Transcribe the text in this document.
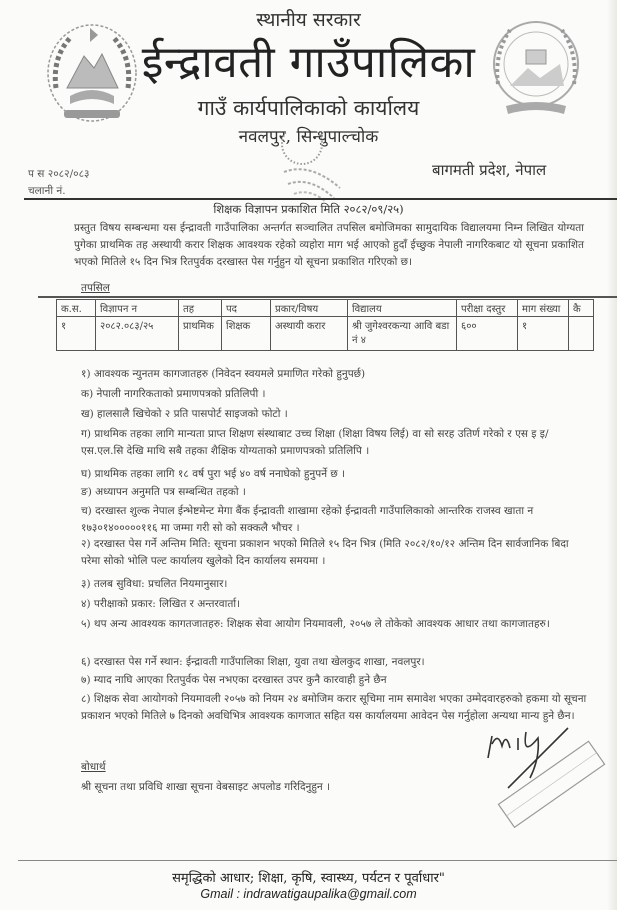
स्थानीय सरकार
ईन्द्रावती गाउँपालिका
गाउँ कार्यपालिकाको कार्यालय
नवलपुर, सिन्धुपाल्चोक
बागमती प्रदेश, नेपाल
प स २०८२/०८३
चलानी नं.
शिक्षक विज्ञापन प्रकाशित मिति २०८२/०९/२५)
प्रस्तुत विषय सम्बन्धमा यस ईन्द्रावती गाउँपालिका अन्तर्गत सञ्चालित तपसिल बमोजिमका सामुदायिक विद्यालयमा निम्न लिखित योग्यता पुगेका प्राथमिक तह अस्थायी करार शिक्षक आवश्यक रहेको व्यहोरा माग भई आएको हुदाँ ईच्छुक नेपाली नागरिकबाट यो सूचना प्रकाशित भएको मितिले १५ दिन भित्र रितपुर्वक दरखास्त पेस गर्नुहुन यो सूचना प्रकाशित गरिएको छ।
तपसिल
क.स.	विज्ञापन न	तह	पद	प्रकार/विषय	विद्यालय	परीक्षा दस्तुर	माग संख्या	कै
१	२०८२.०८३/२५	प्राथमिक	शिक्षक	अस्थायी करार	श्री जुगेश्वरकन्या आवि बडा नं ४	६००	१	
१) आवश्यक न्युनतम कागजातहरु (निवेदन स्वयमले प्रमाणित गरेको हुनुपर्छ)
क) नेपाली नागरिकताको प्रमाणपत्रको प्रतिलिपी ।
ख) हालसालै खिचेको २ प्रति पासपोर्ट साइजको फोटो ।
ग) प्राथमिक तहका लागि मान्यता प्राप्त शिक्षण संस्थाबाट उच्च शिक्षा (शिक्षा विषय लिई) वा सो सरह उतिर्ण गरेको र एस इ इ/ एस.एल.सि देखि माथि सबै तहका शैक्षिक योग्यताको प्रमाणपत्रको प्रतिलिपि ।
घ) प्राथमिक तहका लागि १८ वर्ष पुरा भई ४० वर्ष ननाघेको हुनुपर्ने छ ।
ङ) अध्यापन अनुमति पत्र सम्बन्धित तहको ।
च) दरखास्त शुल्क नेपाल ईन्भेष्टमेन्ट मेगा बैंक ईन्द्रावती शाखामा रहेको ईन्द्रावती गाउँपालिकाको आन्तरिक राजस्व खाता न १७३०१४०००००११६ मा जम्मा गरी सो को सक्कलै भौचर ।
२) दरखास्त पेस गर्ने अन्तिम मिति: सूचना प्रकाशन भएको मितिले १५ दिन भित्र (मिति २०८२/१०/१२ अन्तिम दिन सार्वजानिक बिदा परेमा सोको भोलि पल्ट कार्यालय खुलेको दिन कार्यालय समयमा ।
३) तलब सुविधा: प्रचलित नियमानुसार।
४) परीक्षाको प्रकार: लिखित र अन्तरवार्ता।
५) थप अन्य आवश्यक कागतजातहरु: शिक्षक सेवा आयोग नियमावली, २०५७ ले तोकेको आवश्यक आधार तथा कागजातहरु।
६) दरखास्त पेस गर्ने स्थान: ईन्द्रावती गाउँपालिका शिक्षा, युवा तथा खेलकुद शाखा, नवलपुर।
७) म्याद नाघि आएका रितपुर्वक पेस नभएका दरखास्त उपर कुनै कारवाही हुने छैन
८) शिक्षक सेवा आयोगको नियमावली २०५७ को नियम २४ बमोजिम करार सूचिमा नाम समावेश भएका उम्मेदवारहरुको हकमा यो सूचना प्रकाशन भएको मितिले ७ दिनको अवधिभित्र आवश्यक कागजात सहित यस कार्यालयमा आवेदन पेस गर्नुहोला अन्यथा मान्य हुने छैन।
बोधार्थ
श्री सूचना तथा प्रविधि शाखा सूचना वेबसाइट अपलोड गरिदिनुहुन ।
समृद्धिको आधार; शिक्षा, कृषि, स्वास्थ्य, पर्यटन र पूर्वाधार"
Gmail : indrawatigaupalika@gmail.com
